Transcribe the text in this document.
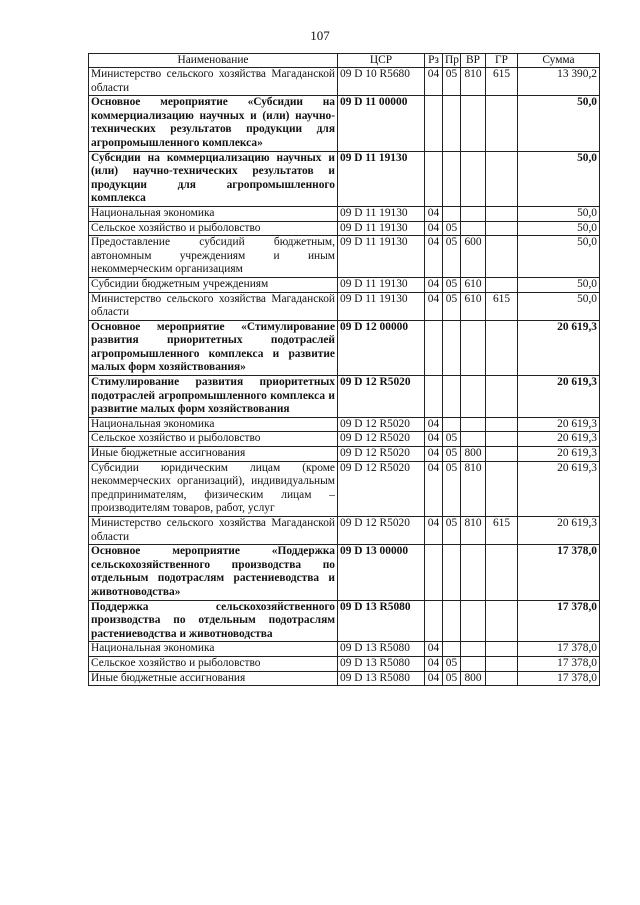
107
Наименование	ЦСР	Рз	Пр	ВР	ГР	Сумма
Министерство сельского хозяйства Магаданской области	09 D 10 R5680	04	05	810	615	13 390,2
Основное мероприятие «Субсидии на коммерциализацию научных и (или) научно-технических результатов продукции для агропромышленного комплекса»	09 D 11 00000					50,0
Субсидии на коммерциализацию научных и (или) научно-технических результатов и продукции для агропромышленного комплекса	09 D 11 19130					50,0
Национальная экономика	09 D 11 19130	04				50,0
Сельское хозяйство и рыболовство	09 D 11 19130	04	05			50,0
Предоставление субсидий бюджетным, автономным учреждениям и иным некоммерческим организациям	09 D 11 19130	04	05	600		50,0
Субсидии бюджетным учреждениям	09 D 11 19130	04	05	610		50,0
Министерство сельского хозяйства Магаданской области	09 D 11 19130	04	05	610	615	50,0
Основное мероприятие «Стимулирование развития приоритетных подотраслей агропромышленного комплекса и развитие малых форм хозяйствования»	09 D 12 00000					20 619,3
Стимулирование развития приоритетных подотраслей агропромышленного комплекса и развитие малых форм хозяйствования	09 D 12 R5020					20 619,3
Национальная экономика	09 D 12 R5020	04				20 619,3
Сельское хозяйство и рыболовство	09 D 12 R5020	04	05			20 619,3
Иные бюджетные ассигнования	09 D 12 R5020	04	05	800		20 619,3
Субсидии юридическим лицам (кроме некоммерческих организаций), индивидуальным предпринимателям, физическим лицам – производителям товаров, работ, услуг	09 D 12 R5020	04	05	810		20 619,3
Министерство сельского хозяйства Магаданской области	09 D 12 R5020	04	05	810	615	20 619,3
Основное мероприятие «Поддержка сельскохозяйственного производства по отдельным подотраслям растениеводства и животноводства»	09 D 13 00000					17 378,0
Поддержка сельскохозяйственного производства по отдельным подотраслям растениеводства и животноводства	09 D 13 R5080					17 378,0
Национальная экономика	09 D 13 R5080	04				17 378,0
Сельское хозяйство и рыболовство	09 D 13 R5080	04	05			17 378,0
Иные бюджетные ассигнования	09 D 13 R5080	04	05	800		17 378,0
